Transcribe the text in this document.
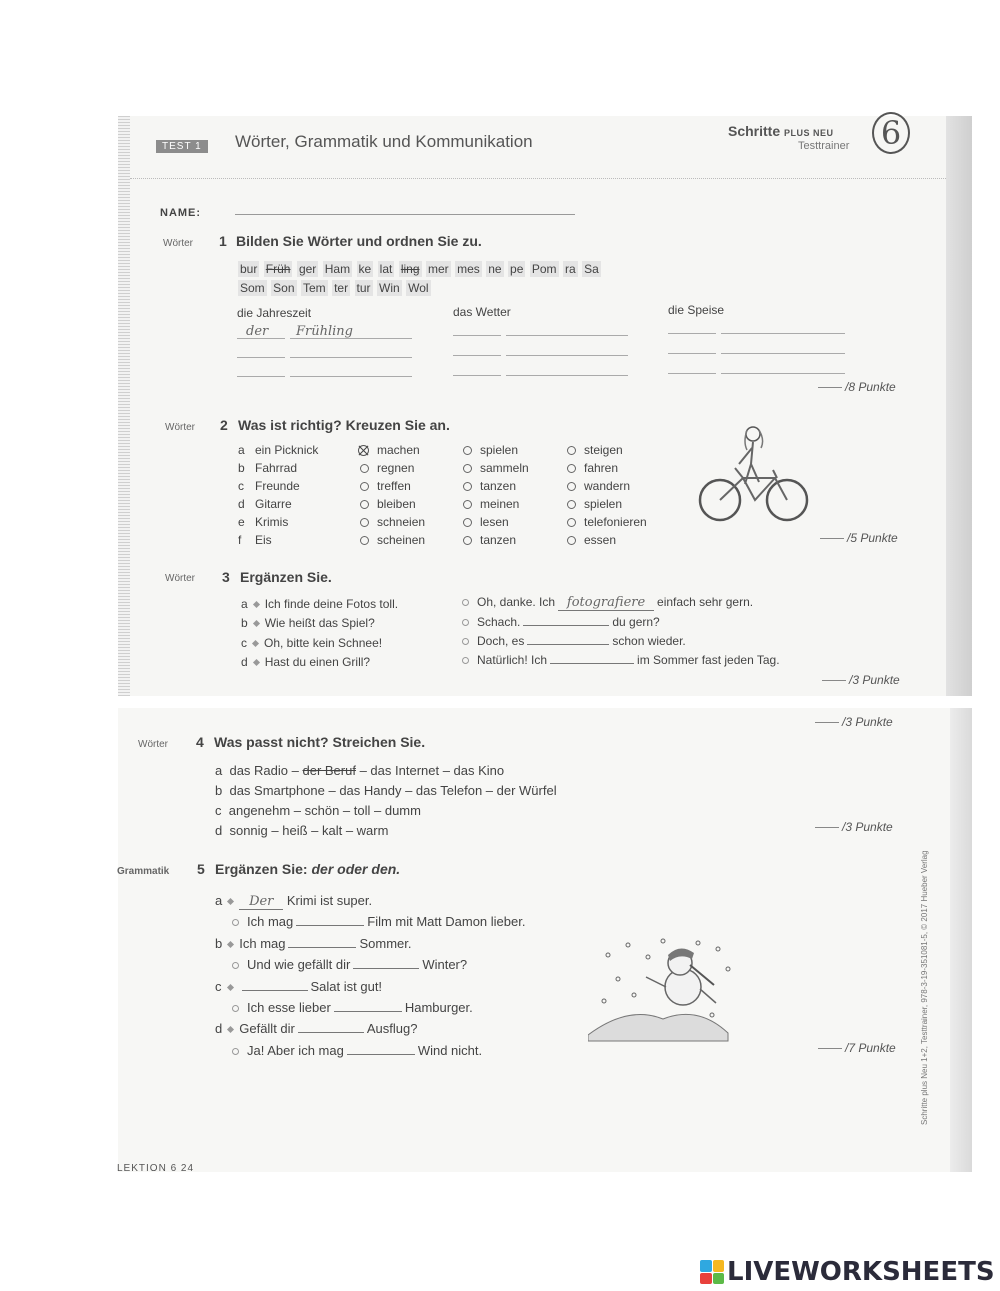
TEST 1	Wörter, Grammatik und Kommunikation
Schritte PLUS NEU
Testtrainer 6
NAME:
Wörter 1 Bilden Sie Wörter und ordnen Sie zu.
bur Früh ger Ham ke lat ling mer mes ne pe Pom ra Sa
Som Son Tem ter tur Win Wol
die Jahreszeit	das Wetter	die Speise
der Frühling
/8 Punkte
Wörter 2 Was ist richtig? Kreuzen Sie an.
a ein Picknick	machen	spielen	steigen
b Fahrrad	regnen	sammeln	fahren
c Freunde	treffen	tanzen	wandern
d Gitarre	bleiben	meinen	spielen
e Krimis	schneien	lesen	telefonieren
f Eis	scheinen	tanzen	essen	/5 Punkte
Wörter 3 Ergänzen Sie.
a Ich finde deine Fotos toll.	Oh, danke. Ich fotografiere einfach sehr gern.
b Wie heißt das Spiel?	Schach.	du gern?
c Oh, bitte kein Schnee!	Doch, es	schon wieder.
d Hast du einen Grill?	Natürlich! Ich	im Sommer fast jeden Tag.
/3 Punkte
/3 Punkte
Wörter 4 Was passt nicht? Streichen Sie.
a das Radio – der Beruf – das Internet – das Kino
b das Smartphone – das Handy – das Telefon – der Würfel
c angenehm – schön – toll – dumm
d sonnig – heiß – kalt – warm	/3 Punkte
Grammatik 5 Ergänzen Sie: der oder den.
a Der Krimi ist super.
Ich mag	Film mit Matt Damon lieber.
b Ich mag	Sommer.
Und wie gefällt dir	Winter?
c	Salat ist gut!
Ich esse lieber	Hamburger.
d Gefällt dir	Ausflug?
Ja! Aber ich mag	Wind nicht.	/7 Punkte	Schritte plus Neu 1+2, Testtrainer, 978-3-19-351081-5, © 2017 Hueber Verlag
LEKTION 6 24
LIVEWORKSHEETS
